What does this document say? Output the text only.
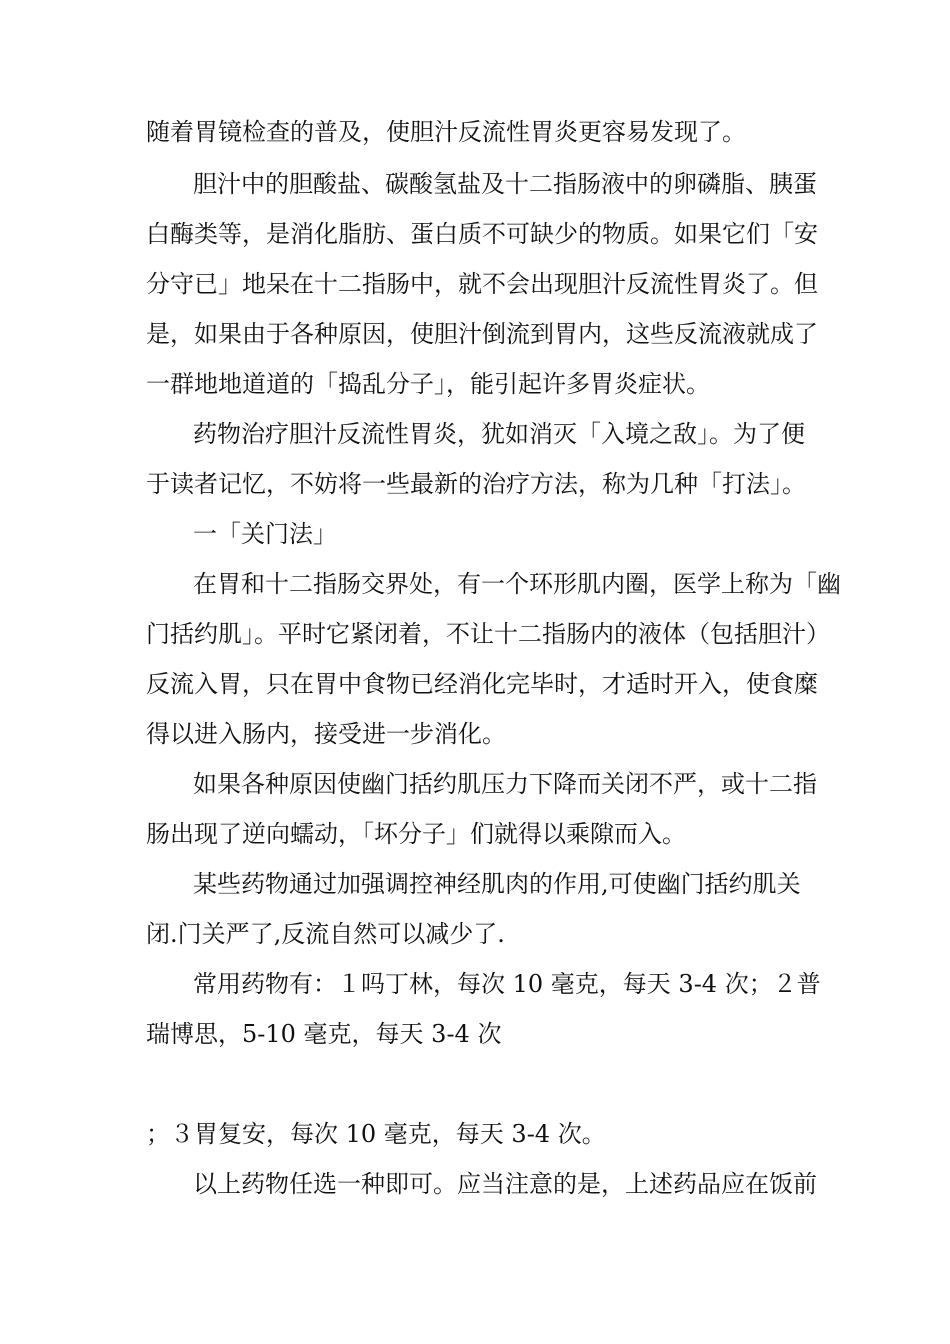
随着胃镜检查的普及，使胆汁反流性胃炎更容易发现了。
胆汁中的胆酸盐、碳酸氢盐及十二指肠液中的卵磷脂、胰蛋
白酶类等，是消化脂肪、蛋白质不可缺少的物质。如果它们「安
分守已」地呆在十二指肠中，就不会出现胆汁反流性胃炎了。但
是，如果由于各种原因，使胆汁倒流到胃内，这些反流液就成了
一群地地道道的「捣乱分子」，能引起许多胃炎症状。
药物治疗胆汁反流性胃炎，犹如消灭「入境之敌」。为了便
于读者记忆，不妨将一些最新的治疗方法，称为几种「打法」。
一「关门法」
在胃和十二指肠交界处，有一个环形肌内圈，医学上称为「幽
门括约肌」。平时它紧闭着，不让十二指肠内的液体（包括胆汁）
反流入胃，只在胃中食物已经消化完毕时，才适时开入，使食糜
得以进入肠内，接受进一步消化。
如果各种原因使幽门括约肌压力下降而关闭不严，或十二指
肠出现了逆向蠕动，「坏分子」们就得以乘隙而入。
某些药物通过加强调控神经肌肉的作用,可使幽门括约肌关
闭.门关严了,反流自然可以减少了.
常用药物有：１吗丁林，每次 10 毫克，每天 3-4 次；２普
瑞博思，5-10 毫克，每天 3-4 次
；３胃复安，每次 10 毫克，每天 3-4 次。
以上药物任选一种即可。应当注意的是，上述药品应在饭前
